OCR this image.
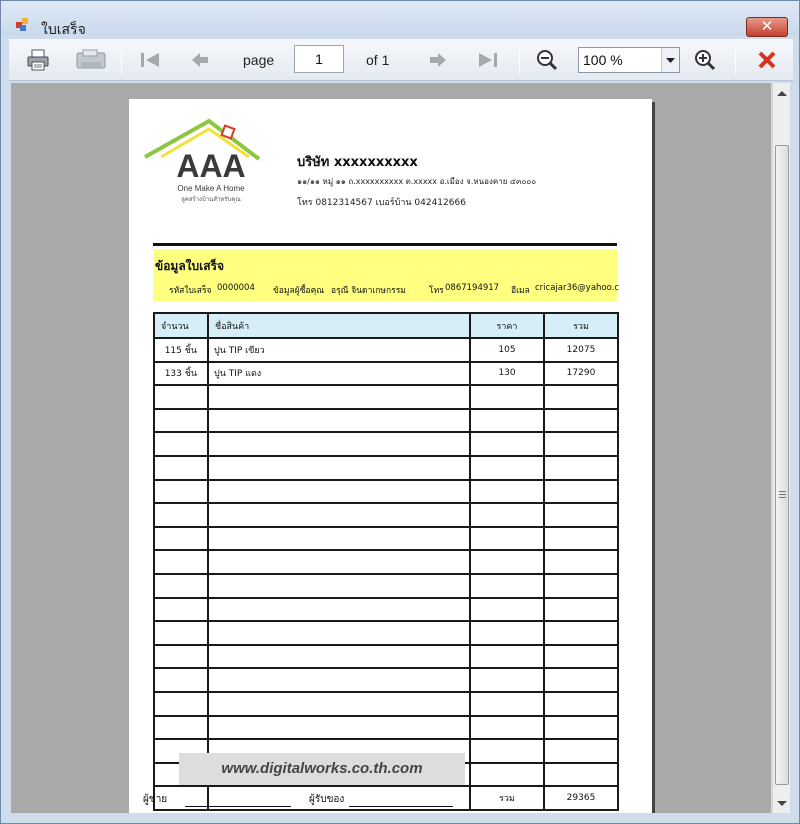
ใบเสร็จ	✕
page	1	of 1	100 %
AAA
One Make A Home
ลูคสร้างบ้านสำหรับคุณ
บริษัท xxxxxxxxxx
๑๑/๑๑ หมู่ ๑๑ ถ.xxxxxxxxxx ต.xxxxx อ.เมือง จ.หนองคาย ๔๓๐๐๐
โทร 0812314567 เบอร์บ้าน 042412666
ข้อมูลใบเสร็จ
รหัสใบเสร็จ 0000004 ข้อมูลผู้ซื้อคุณ อรุณี จินดาเกษกรรม	โทร 0867194917 อีเมล cricajar36@yahoo.c
จำนวน	ชื่อสินค้า	ราคา	รวม
115 ชิ้น	ปูน TIP เขียว	105	12075
133 ชิ้น	ปูน TIP แดง	130	17290

		รวม	29365
www.digitalworks.co.th.com
ผู้ขาย	ผู้รับของ
